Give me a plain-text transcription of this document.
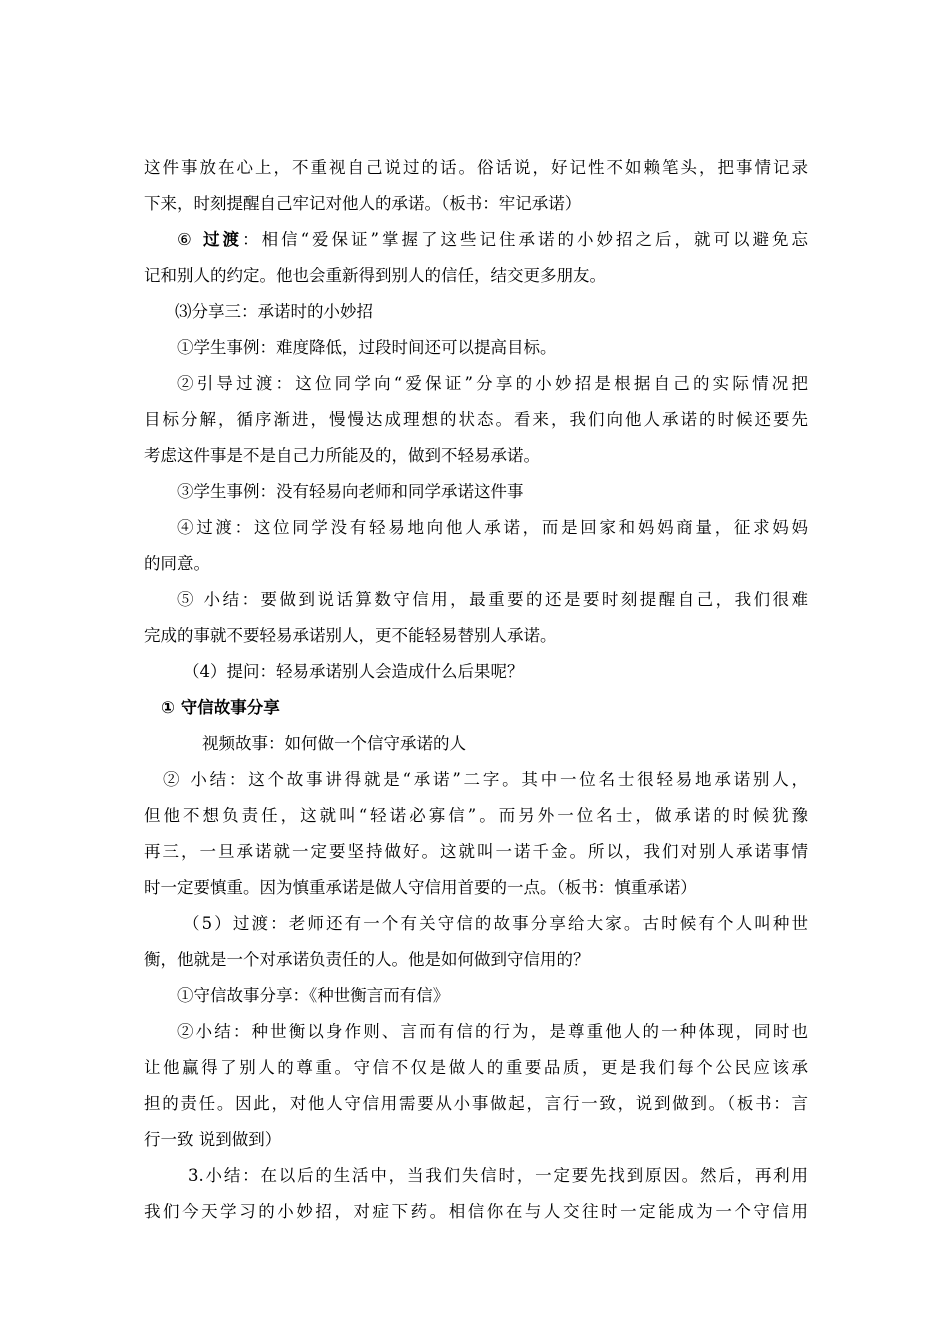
这件事放在心上，不重视自己说过的话。俗话说，好记性不如赖笔头，把事情记录
下来，时刻提醒自己牢记对他人的承诺。（板书：牢记承诺）
⑥ 过渡：相信“爱保证”掌握了这些记住承诺的小妙招之后，就可以避免忘
记和别人的约定。他也会重新得到别人的信任，结交更多朋友。
⑶分享三：承诺时的小妙招
①学生事例：难度降低，过段时间还可以提高目标。
②引导过渡：这位同学向“爱保证”分享的小妙招是根据自己的实际情况把
目标分解，循序渐进，慢慢达成理想的状态。看来，我们向他人承诺的时候还要先
考虑这件事是不是自己力所能及的，做到不轻易承诺。
③学生事例：没有轻易向老师和同学承诺这件事
④过渡：这位同学没有轻易地向他人承诺，而是回家和妈妈商量，征求妈妈
的同意。
⑤ 小结：要做到说话算数守信用，最重要的还是要时刻提醒自己，我们很难
完成的事就不要轻易承诺别人，更不能轻易替别人承诺。
（4）提问：轻易承诺别人会造成什么后果呢？
① 守信故事分享
视频故事：如何做一个信守承诺的人
② 小结：这个故事讲得就是“承诺”二字。其中一位名士很轻易地承诺别人，
但他不想负责任，这就叫“轻诺必寡信”。而另外一位名士，做承诺的时候犹豫
再三，一旦承诺就一定要坚持做好。这就叫一诺千金。所以，我们对别人承诺事情
时一定要慎重。因为慎重承诺是做人守信用首要的一点。（板书：慎重承诺）
（5）过渡：老师还有一个有关守信的故事分享给大家。古时候有个人叫种世
衡，他就是一个对承诺负责任的人。他是如何做到守信用的？
①守信故事分享：《种世衡言而有信》
②小结：种世衡以身作则、言而有信的行为，是尊重他人的一种体现，同时也
让他赢得了别人的尊重。守信不仅是做人的重要品质，更是我们每个公民应该承
担的责任。因此，对他人守信用需要从小事做起，言行一致，说到做到。（板书：言
行一致 说到做到）
3.小结：在以后的生活中，当我们失信时，一定要先找到原因。然后，再利用
我们今天学习的小妙招，对症下药。相信你在与人交往时一定能成为一个守信用
